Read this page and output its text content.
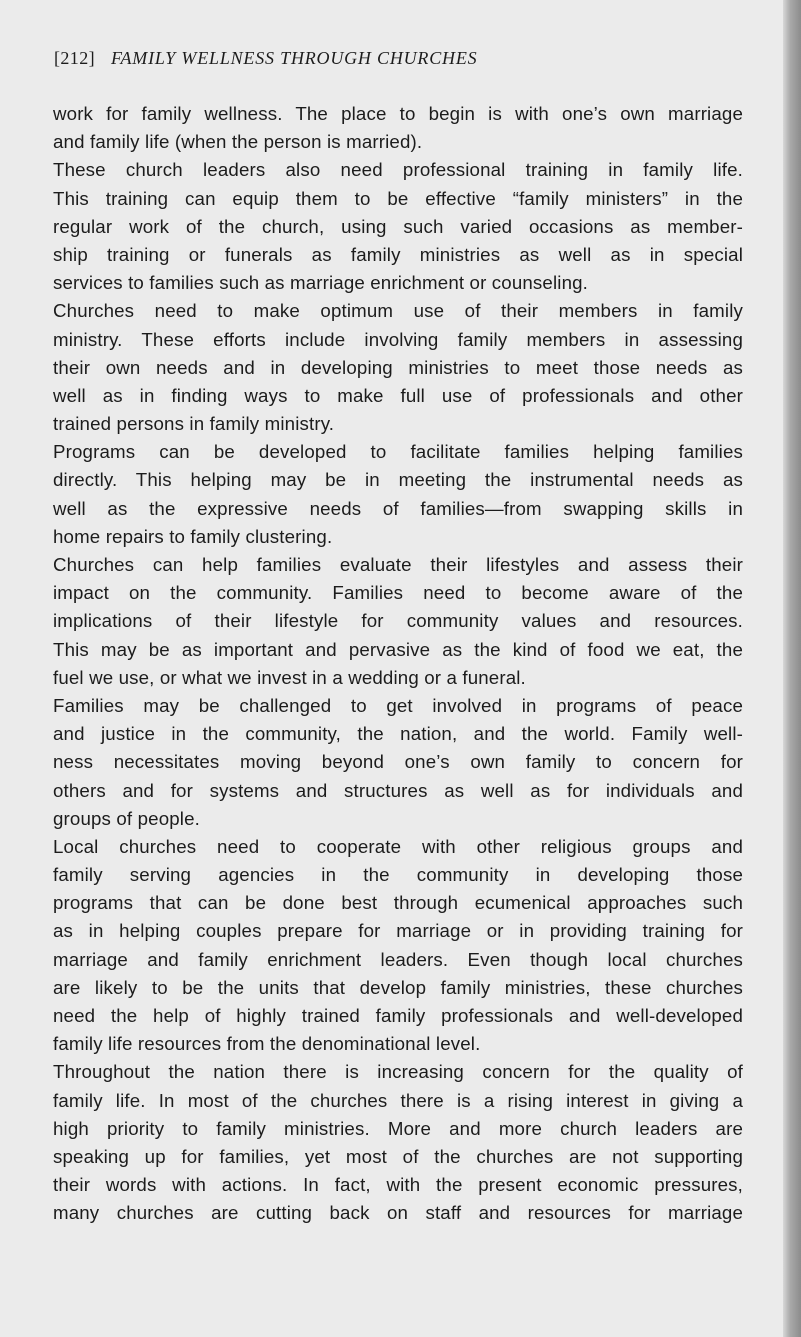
[212] FAMILY WELLNESS THROUGH CHURCHES
work for family wellness. The place to begin is with one’s own marriage
and family life (when the person is married).
These church leaders also need professional training in family life.
This training can equip them to be effective “family ministers” in the
regular work of the church, using such varied occasions as member-
ship training or funerals as family ministries as well as in special
services to families such as marriage enrichment or counseling.
Churches need to make optimum use of their members in family
ministry. These efforts include involving family members in assessing
their own needs and in developing ministries to meet those needs as
well as in finding ways to make full use of professionals and other
trained persons in family ministry.
Programs can be developed to facilitate families helping families
directly. This helping may be in meeting the instrumental needs as
well as the expressive needs of families—from swapping skills in
home repairs to family clustering.
Churches can help families evaluate their lifestyles and assess their
impact on the community. Families need to become aware of the
implications of their lifestyle for community values and resources.
This may be as important and pervasive as the kind of food we eat, the
fuel we use, or what we invest in a wedding or a funeral.
Families may be challenged to get involved in programs of peace
and justice in the community, the nation, and the world. Family well-
ness necessitates moving beyond one’s own family to concern for
others and for systems and structures as well as for individuals and
groups of people.
Local churches need to cooperate with other religious groups and
family serving agencies in the community in developing those
programs that can be done best through ecumenical approaches such
as in helping couples prepare for marriage or in providing training for
marriage and family enrichment leaders. Even though local churches
are likely to be the units that develop family ministries, these churches
need the help of highly trained family professionals and well-developed
family life resources from the denominational level.
Throughout the nation there is increasing concern for the quality of
family life. In most of the churches there is a rising interest in giving a
high priority to family ministries. More and more church leaders are
speaking up for families, yet most of the churches are not supporting
their words with actions. In fact, with the present economic pressures,
many churches are cutting back on staff and resources for marriage
